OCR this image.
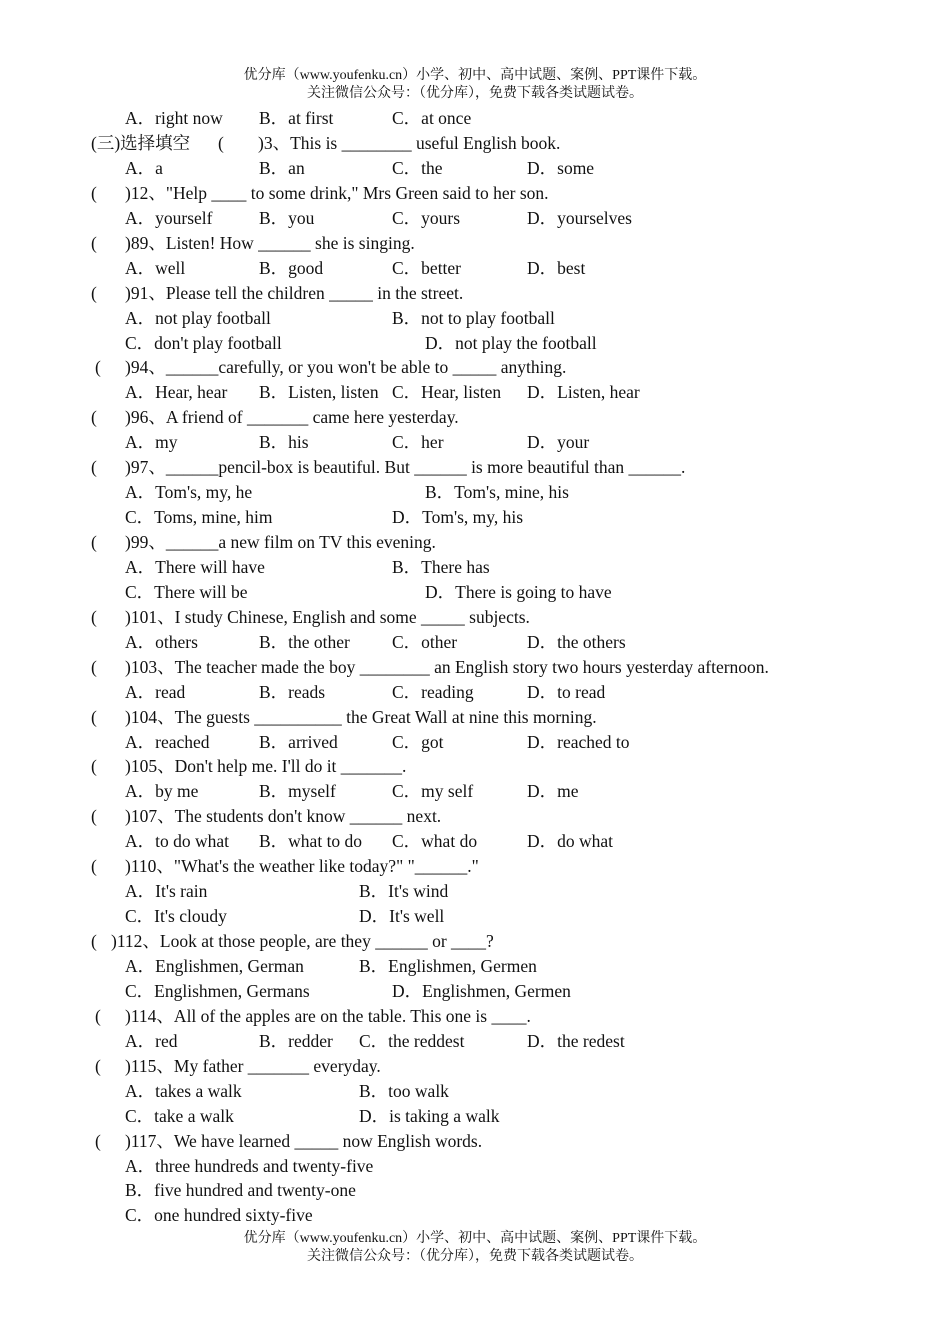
优分库（www.youfenku.cn）小学、初中、高中试题、案例、PPT课件下载。
关注微信公众号：（优分库），免费下载各类试题试卷。
A．right now B．at first	C．at once
(三)选择填空 ( )3、This is ________ useful English book.
A．a	B．an	C．the	D．some
( )12、"Help ____ to some drink," Mrs Green said to her son.
A．yourself	B．you	C．yours	D．yourselves
( )89、Listen! How ______ she is singing.
A．well	B．good	C．better	D．best
( )91、Please tell the children _____ in the street.
A．not play football	B．not to play football
C．don't play football	D．not play the football
( )94、______carefully, or you won't be able to _____ anything.
A．Hear, hear B．Listen, listen C．Hear, listen D．Listen, hear
( )96、A friend of _______ came here yesterday.
A．my	B．his	C．her	D．your
( )97、______pencil-box is beautiful. But ______ is more beautiful than ______.
A．Tom's, my, he	B．Tom's, mine, his
C．Toms, mine, him	D．Tom's, my, his
( )99、______a new film on TV this evening.
A．There will have	B．There has
C．There will be	D．There is going to have
( )101、I study Chinese, English and some _____ subjects.
A．others	B．the other C．other	D．the others
( )103、The teacher made the boy ________ an English story two hours yesterday afternoon.
A．read	B．reads	C．reading	D．to read
( )104、The guests __________ the Great Wall at nine this morning.
A．reached	B．arrived	C．got	D．reached to
( )105、Don't help me. I'll do it _______.
A．by me	B．myself	C．my self	D．me
( )107、The students don't know ______ next.
A．to do what B．what to do C．what do	D．do what
( )110、"What's the weather like today?" "______."
A．It's rain	B．It's wind
C．It's cloudy	D．It's well
( )112、Look at those people, are they ______ or ____?
A．Englishmen, German	B．Englishmen, Germen
C．Englishmen, Germans	D．Englishmen, Germen
( )114、All of the apples are on the table. This one is ____.
A．red	B．redder C．the reddest	D．the redest
( )115、My father _______ everyday.
A．takes a walk	B．too walk
C．take a walk	D．is taking a walk
( )117、We have learned _____ now English words.
A．three hundreds and twenty-five
B．five hundred and twenty-one
C．one hundred sixty-five
优分库（www.youfenku.cn）小学、初中、高中试题、案例、PPT课件下载。
关注微信公众号：（优分库），免费下载各类试题试卷。
